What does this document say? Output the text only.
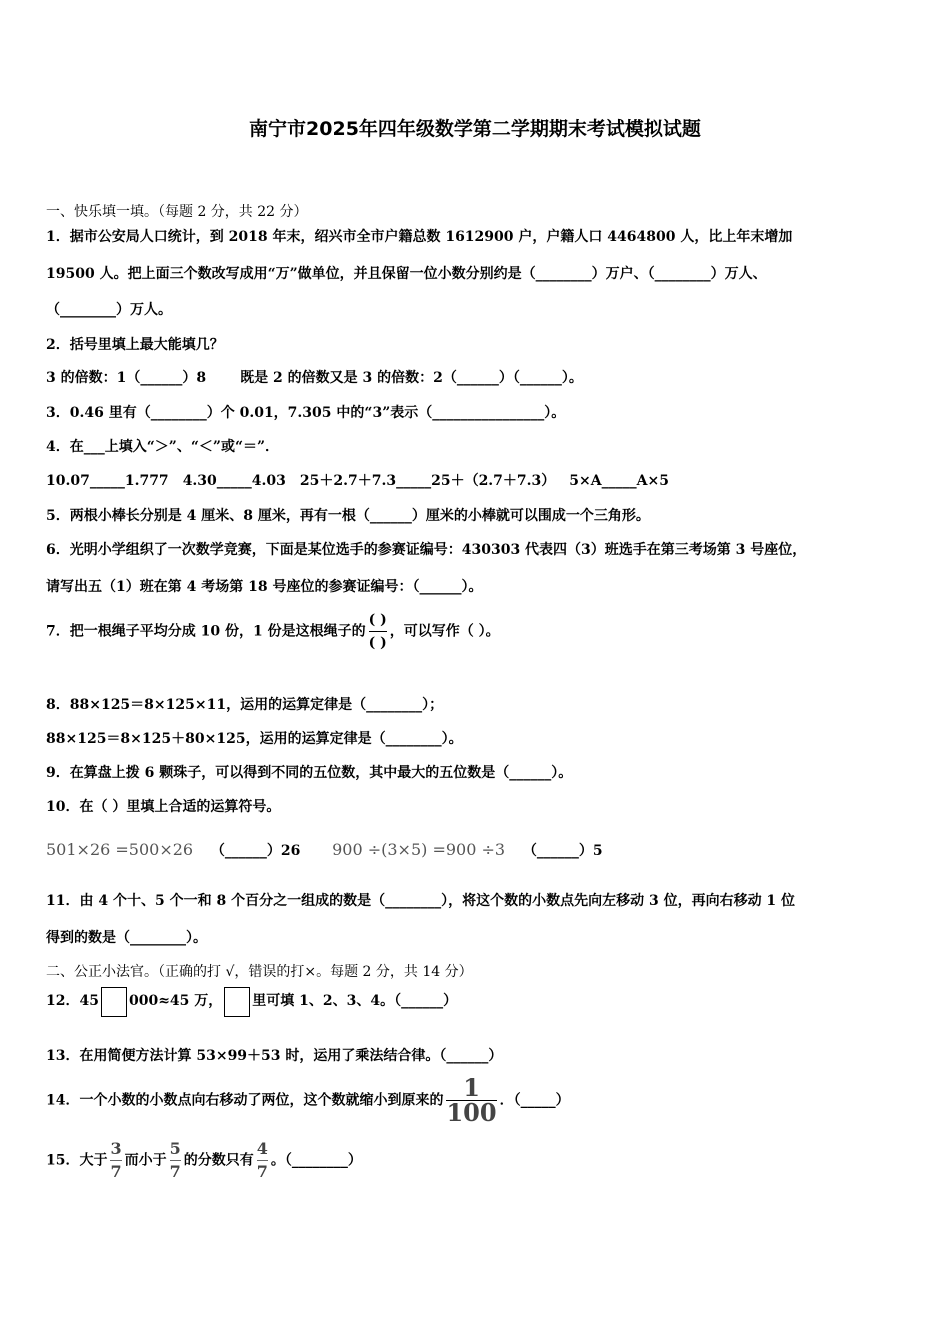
南宁市2025年四年级数学第二学期期末考试模拟试题
一、快乐填一填。（每题 2 分，共 22 分）
1．据市公安局人口统计，到 2018 年末，绍兴市全市户籍总数 1612900 户，户籍人口 4464800 人，比上年末增加
19500 人。把上面三个数改写成用“万”做单位，并且保留一位小数分别约是（________）万户、（________）万人、
（________）万人。
2．括号里填上最大能填几？
3 的倍数：1（______）8 既是 2 的倍数又是 3 的倍数：2（______）（______）。
3．0.46 里有（________）个 0.01，7.305 中的“3”表示（________________）。
4．在___上填入“＞”、“＜”或“＝”．
10.07_____1.777 4.30_____4.03 25＋2.7＋7.3_____25＋（2.7＋7.3） 5×A_____A×5
5．两根小棒长分别是 4 厘米、8 厘米，再有一根（______）厘米的小棒就可以围成一个三角形。
6．光明小学组织了一次数学竞赛，下面是某位选手的参赛证编号：430303 代表四（3）班选手在第三考场第 3 号座位，
请写出五（1）班在第 4 考场第 18 号座位的参赛证编号：（______）。
7．把一根绳子平均分成 10 份，1 份是这根绳子的 $\frac{( )}{( )}$ ，可以写作（ ）。
8．88×125＝8×125×11，运用的运算定律是（________）；
88×125＝8×125＋80×125，运用的运算定律是（________）。
9．在算盘上拨 6 颗珠子，可以得到不同的五位数，其中最大的五位数是（______）。
10．在（ ）里填上合适的运算符号。
501×26 =500×26 （______）26 900 ÷(3×5) =900 ÷3 （______）5
11．由 4 个十、5 个一和 8 个百分之一组成的数是（________），将这个数的小数点先向左移动 3 位，再向右移动 1 位
得到的数是（________）。
二、公正小法官。（正确的打 √，错误的打×。每题 2 分，共 14 分）
12．45 000≈45 万， 里可填 1、2、3、4。（______）
13．在用简便方法计算 53×99＋53 时，运用了乘法结合律。（______）
14．一个小数的小数点向右移动了两位，这个数就缩小到原来的 $\frac{1}{100}$ ．（_____）
15．大于 $\frac{3}{7}$ 而小于 $\frac{5}{7}$ 的分数只有 $\frac{4}{7}$ 。（________）
